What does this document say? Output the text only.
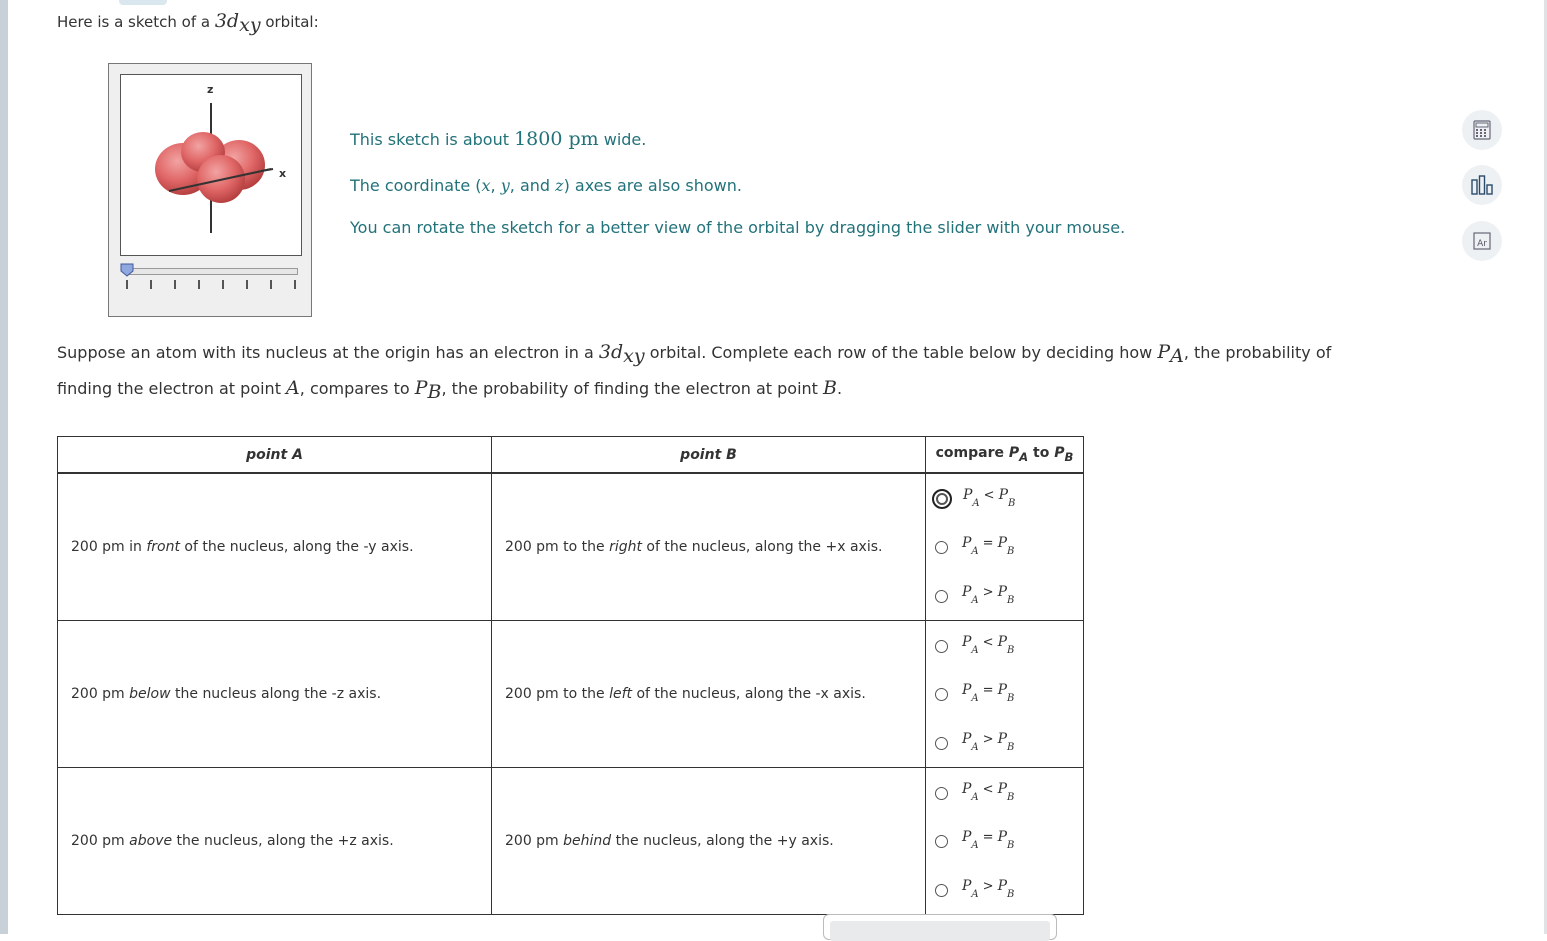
Here is a sketch of a $3d_{xy}$ orbital:
z
x
This sketch is about 1800 pm wide.
The coordinate (x, y, and z) axes are also shown.
You can rotate the sketch for a better view of the orbital by dragging the slider with your mouse.
Suppose an atom with its nucleus at the origin has an electron in a $3d_{xy}$ orbital. Complete each row of the table below by deciding how $P_A$, the probability of
finding the electron at point A, compares to $P_B$, the probability of finding the electron at point B.
point A	point B	compare $P_A$ to $P_B$
200 pm in front of the nucleus, along the -y axis.	200 pm to the right of the nucleus, along the +x axis.	$P_A< P_B$
$P_A= P_B$
$P_A> P_B$

200 pm below the nucleus along the -z axis.	200 pm to the left of the nucleus, along the -x axis.	$P_A< P_B$
$P_A= P_B$
$P_A> P_B$

200 pm above the nucleus, along the +z axis.	200 pm behind the nucleus, along the +y axis.	$P_A< P_B$
$P_A= P_B$
$P_A> P_B$
Ar
